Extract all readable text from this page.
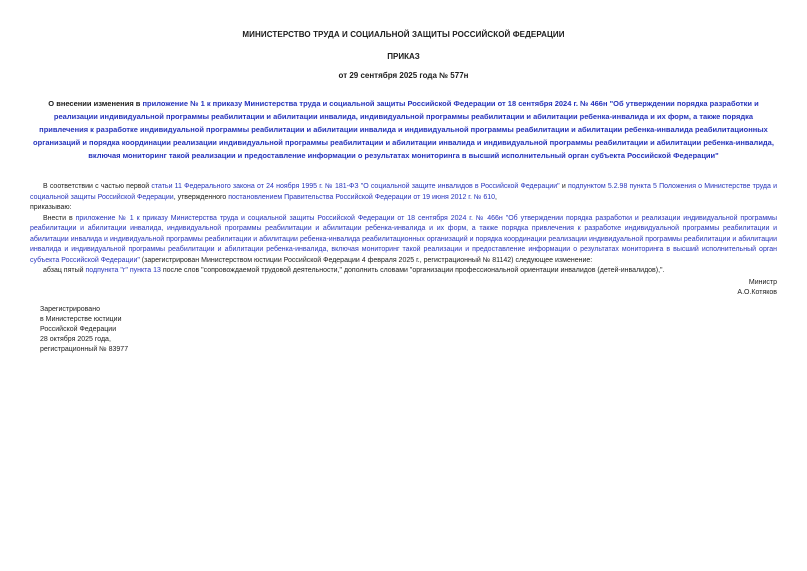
МИНИСТЕРСТВО ТРУДА И СОЦИАЛЬНОЙ ЗАЩИТЫ РОССИЙСКОЙ ФЕДЕРАЦИИ
ПРИКАЗ
от 29 сентября 2025 года № 577н
О внесении изменения в приложение № 1 к приказу Министерства труда и социальной защиты Российской Федерации от 18 сентября 2024 г. № 466н "Об утверждении порядка разработки и реализации индивидуальной программы реабилитации и абилитации инвалида, индивидуальной программы реабилитации и абилитации ребенка-инвалида и их форм, а также порядка привлечения к разработке индивидуальной программы реабилитации и абилитации инвалида и индивидуальной программы реабилитации и абилитации ребенка-инвалида реабилитационных организаций и порядка координации реализации индивидуальной программы реабилитации и абилитации инвалида и индивидуальной программы реабилитации и абилитации ребенка-инвалида, включая мониторинг такой реализации и предоставление информации о результатах мониторинга в высший исполнительный орган субъекта Российской Федерации"

В соответствии с частью первой статьи 11 Федерального закона от 24 ноября 1995 г. № 181-ФЗ "О социальной защите инвалидов в Российской Федерации" и подпунктом 5.2.98 пункта 5 Положения о Министерстве труда и социальной защиты Российской Федерации, утвержденного постановлением Правительства Российской Федерации от 19 июня 2012 г. № 610,

приказываю:

Внести в приложение № 1 к приказу Министерства труда и социальной защиты Российской Федерации от 18 сентября 2024 г. № 466н "Об утверждении порядка разработки и реализации индивидуальной программы реабилитации и абилитации инвалида, индивидуальной программы реабилитации и абилитации ребенка-инвалида и их форм, а также порядка привлечения к разработке индивидуальной программы реабилитации и абилитации инвалида и индивидуальной программы реабилитации и абилитации ребенка-инвалида реабилитационных организаций и порядка координации реализации индивидуальной программы реабилитации и абилитации инвалида и индивидуальной программы реабилитации и абилитации ребенка-инвалида, включая мониторинг такой реализации и предоставление информации о результатах мониторинга в высший исполнительный орган субъекта Российской Федерации" (зарегистрирован Министерством юстиции Российской Федерации 4 февраля 2025 г., регистрационный № 81142) следующее изменение:

абзац пятый подпункта "г" пункта 13 после слов "сопровождаемой трудовой деятельности," дополнить словами "организации профессиональной ориентации инвалидов (детей-инвалидов),".

Министр
А.О.Котяков
Зарегистрировано
в Министерстве юстиции
Российской Федерации
28 октября 2025 года,
регистрационный № 83977
